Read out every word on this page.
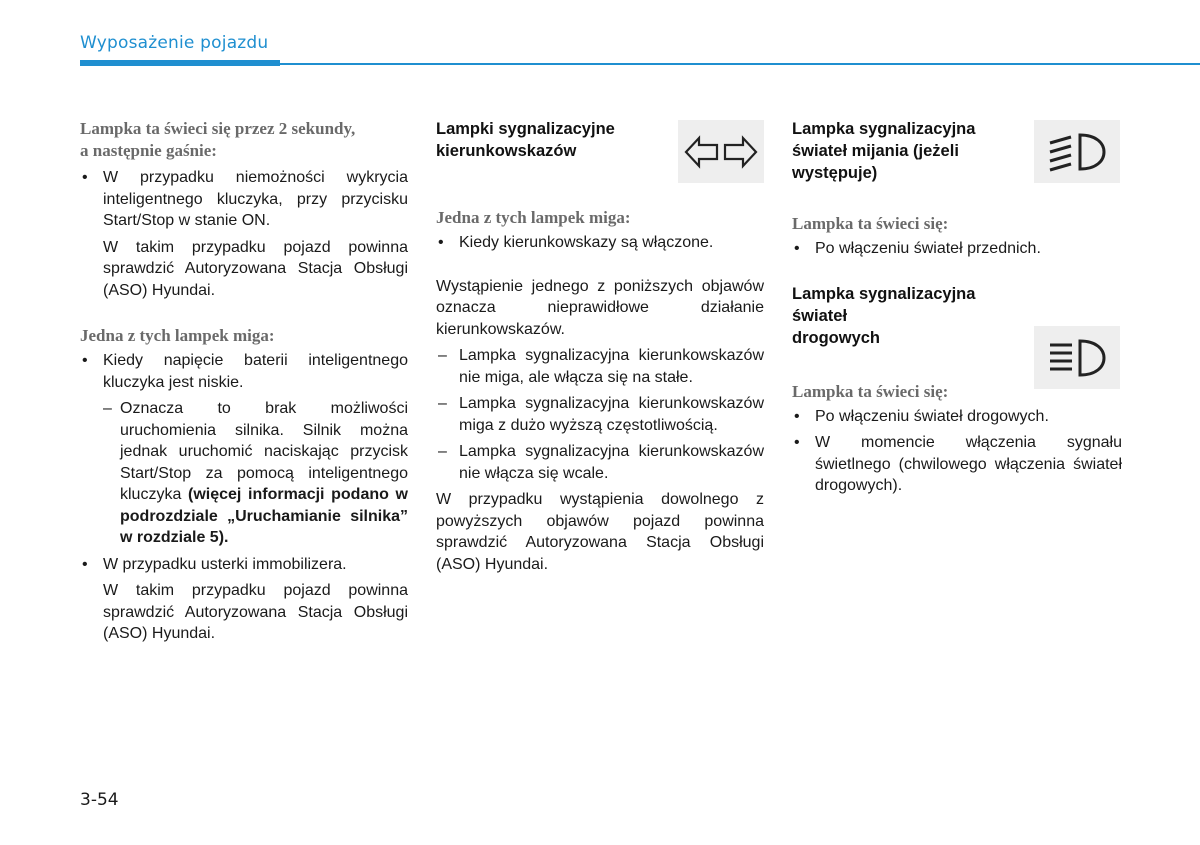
Wyposażenie pojazdu

Lampka ta świeci się przez 2 sekundy,

a następnie gaśnie:

• W przypadku niemożności wykrycia inteligentnego kluczyka, przy przycisku Start/Stop w stanie ON.

W takim przypadku pojazd powinna sprawdzić Autoryzowana Stacja Obsługi (ASO) Hyundai.

Jedna z tych lampek miga:

• Kiedy napięcie baterii inteligentnego kluczyka jest niskie.

– Oznacza to brak możliwości uruchomienia silnika. Silnik można jednak uruchomić naciskając przycisk Start/Stop za pomocą inteligentnego kluczyka (więcej informacji podano w podrozdziale „Uruchamianie silnika” w rozdziale 5).

• W przypadku usterki immobilizera.

W takim przypadku pojazd powinna sprawdzić Autoryzowana Stacja Obsługi (ASO) Hyundai.

Lampki sygnalizacyjne

kierunkowskazów

Jedna z tych lampek miga:

• Kiedy kierunkowskazy są włączone.

Wystąpienie jednego z poniższych objawów oznacza nieprawidłowe działanie kierunkowskazów.

– Lampka sygnalizacyjna kierunkowskazów nie miga, ale włącza się na stałe.

– Lampka sygnalizacyjna kierunkowskazów miga z dużo wyższą częstotliwością.

– Lampka sygnalizacyjna kierunkowskazów nie włącza się wcale.

W przypadku wystąpienia dowolnego z powyższych objawów pojazd powinna sprawdzić Autoryzowana Stacja Obsługi (ASO) Hyundai.

Lampka sygnalizacyjna

świateł mijania (jeżeli

występuje)

Lampka ta świeci się:

• Po włączeniu świateł przednich.

Lampka sygnalizacyjna świateł

drogowych

Lampka ta świeci się:

• Po włączeniu świateł drogowych.

• W momencie włączenia sygnału świetlnego (chwilowego włączenia świateł drogowych).

3-54
